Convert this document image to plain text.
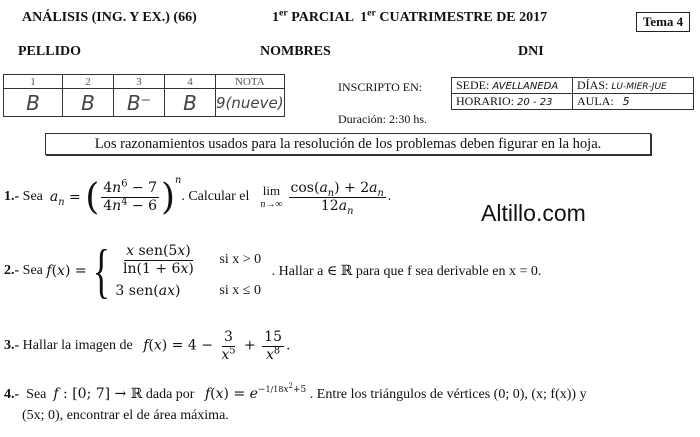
ANÁLISIS (ING. Y EX.) (66)	1er PARCIAL 1er CUATRIMESTRE DE 2017	Tema 4
PELLIDO	NOMBRES	DNI
1	2	3	4	NOTA
B	B	B⁻	B	9(nueve)
INSCRIPTO EN:	SEDE: AVELLANEDA	DÍAS: LU-MIER-JUE
HORARIO: 20 - 23	AULA: 5
Duración: 2:30 hs.
Los razonamientos usados para la resolución de los problemas deben figurar en la hoja.
Altillo.com
1.-
Sea
$a_n$ = ( $\frac{4n^6 - 7}{4n^4 - 6} )^n$
. Calcular el
lim
$n\to\infty \frac{\cos(a_n) + 2a_n}{12a_n}$ .
2.-
Sea
f(x) = { $\frac{\text{x sen(5x)}}{\ln(1 + 6x)}$ si x > 0
3 sen(ax)	si x ≤ 0

. Hallar a ∈ ℝ para que f sea derivable en x = 0.
3.-
Hallar la imagen de
$f(x) = 4 - \frac{3}{x^5} + \frac{15}{x^8}$ .
4.- Sea f : [0; 7] → ℝ dada por   $f(x) = e^{-1/18x^2+5}$ . Entre los triángulos de vértices (0; 0), (x; f(x)) y
(5x; 0), encontrar el de área máxima.
